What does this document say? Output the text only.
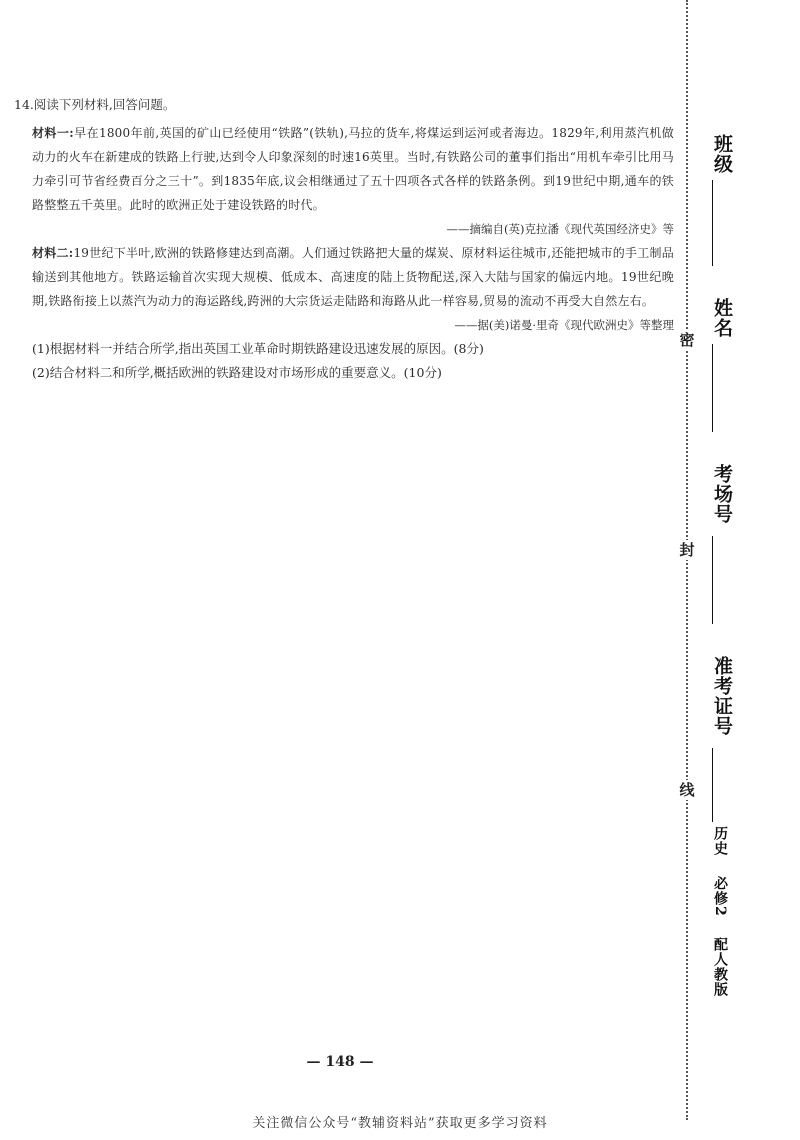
14.阅读下列材料,回答问题。

材料一:早在1800年前,英国的矿山已经使用“铁路”(铁轨),马拉的货车,将煤运到运河或者海边。1829年,利用蒸汽机做动力的火车在新建成的铁路上行驶,达到令人印象深刻的时速16英里。当时,有铁路公司的董事们指出“用机车牵引比用马力牵引可节省经费百分之三十”。到1835年底,议会相继通过了五十四项各式各样的铁路条例。到19世纪中期,通车的铁路整整五千英里。此时的欧洲正处于建设铁路的时代。

——摘编自(英)克拉潘《现代英国经济史》等

材料二:19世纪下半叶,欧洲的铁路修建达到高潮。人们通过铁路把大量的煤炭、原材料运往城市,还能把城市的手工制品输送到其他地方。铁路运输首次实现大规模、低成本、高速度的陆上货物配送,深入大陆与国家的偏远内地。19世纪晚期,铁路衔接上以蒸汽为动力的海运路线,跨洲的大宗货运走陆路和海路从此一样容易,贸易的流动不再受大自然左右。

——据(美)诺曼·里奇《现代欧洲史》等整理

(1)根据材料一并结合所学,指出英国工业革命时期铁路建设迅速发展的原因。(8分)

(2)结合材料二和所学,概括欧洲的铁路建设对市场形成的重要意义。(10分)

— 148 —
关注微信公众号“教辅资料站”获取更多学习资料
密
封
线
班级
姓名
考场号
准考证号
历史 必修2 配人教版
